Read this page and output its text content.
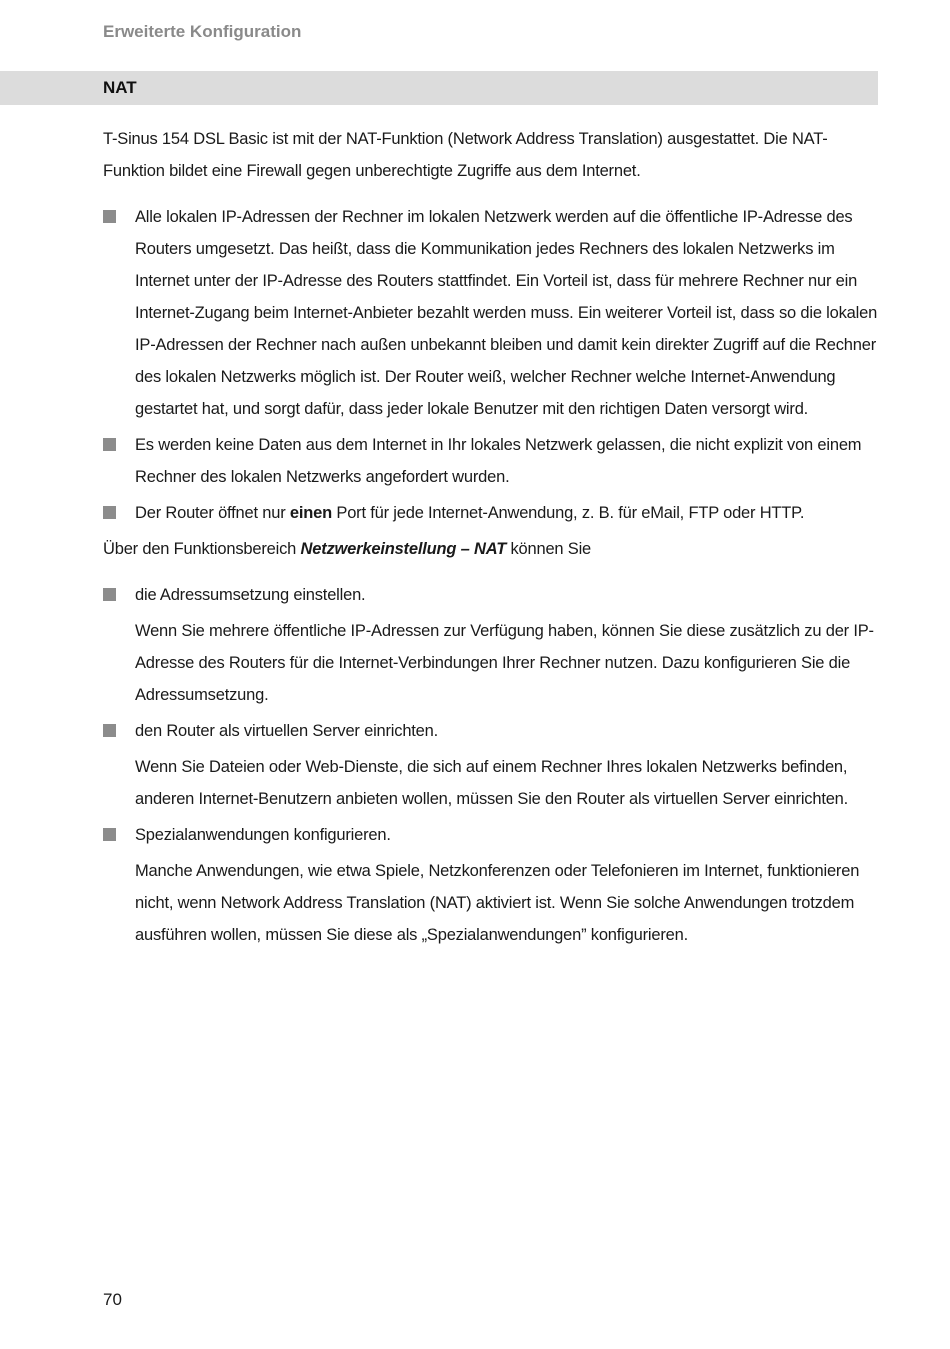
Erweiterte Konfiguration
NAT

T-Sinus 154 DSL Basic ist mit der NAT-Funktion (Network Address Translation) ausgestattet. Die NAT-Funktion bildet eine Firewall gegen unberechtigte Zugriffe aus dem Internet.

Alle lokalen IP-Adressen der Rechner im lokalen Netzwerk werden auf die öffentliche IP-Adresse des Routers umgesetzt. Das heißt, dass die Kommunikation jedes Rechners des lokalen Netzwerks im Internet unter der IP-Adresse des Routers stattfindet. Ein Vorteil ist, dass für mehrere Rechner nur ein Internet-Zugang beim Internet-Anbieter bezahlt werden muss. Ein weiterer Vorteil ist, dass so die lokalen IP-Adressen der Rechner nach außen unbekannt bleiben und damit kein direkter Zugriff auf die Rechner des lokalen Netzwerks möglich ist. Der Router weiß, welcher Rechner welche Internet-Anwendung gestartet hat, und sorgt dafür, dass jeder lokale Benutzer mit den richtigen Daten versorgt wird.
Es werden keine Daten aus dem Internet in Ihr lokales Netzwerk gelassen, die nicht explizit von einem Rechner des lokalen Netzwerks angefordert wurden.
Der Router öffnet nur einen Port für jede Internet-Anwendung, z. B. für eMail, FTP oder HTTP.

Über den Funktionsbereich Netzwerkeinstellung – NAT können Sie

die Adressumsetzung einstellen.

Wenn Sie mehrere öffentliche IP-Adressen zur Verfügung haben, können Sie diese zusätzlich zu der IP-Adresse des Routers für die Internet-Verbindungen Ihrer Rechner nutzen. Dazu konfigurieren Sie die Adressumsetzung.

den Router als virtuellen Server einrichten.

Wenn Sie Dateien oder Web-Dienste, die sich auf einem Rechner Ihres lokalen Netzwerks befinden, anderen Internet-Benutzern anbieten wollen, müssen Sie den Router als virtuellen Server einrichten.

Spezialanwendungen konfigurieren.

Manche Anwendungen, wie etwa Spiele, Netzkonferenzen oder Telefonieren im Internet, funktionieren nicht, wenn Network Address Translation (NAT) aktiviert ist. Wenn Sie solche Anwendungen trotzdem ausführen wollen, müssen Sie diese als „Spezialanwendungen” konfigurieren.

70
